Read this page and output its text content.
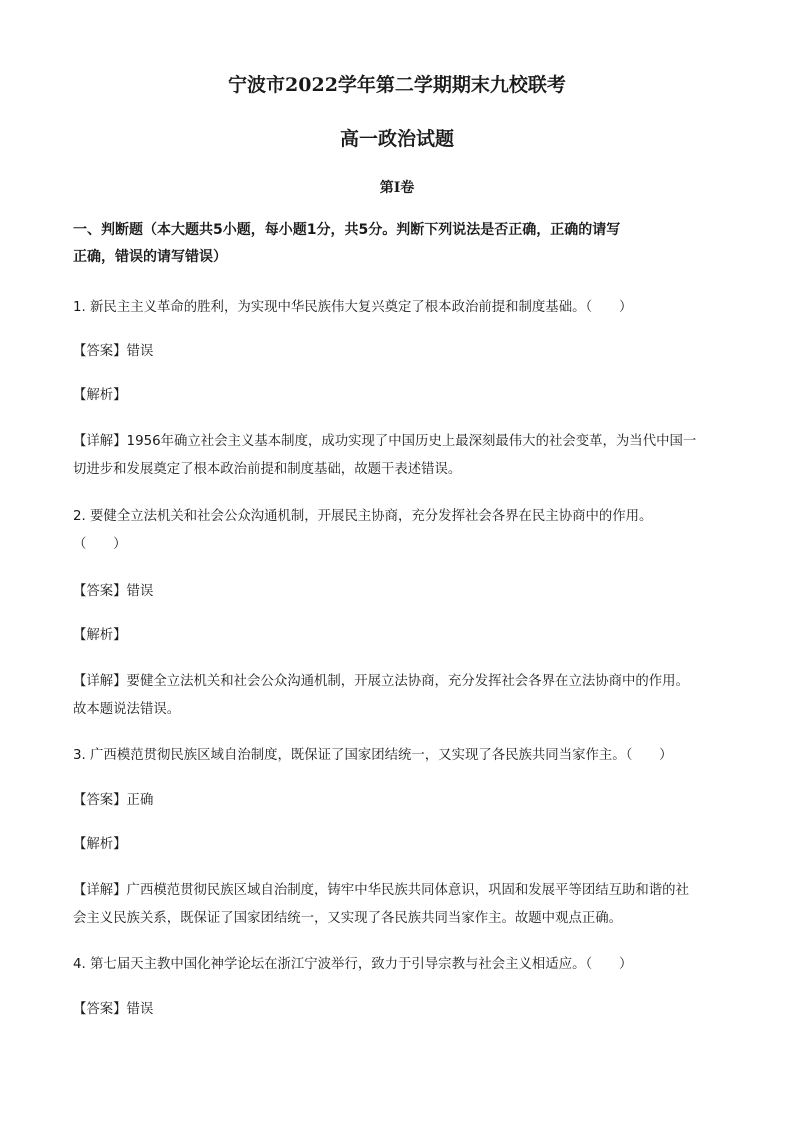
宁波市2022学年第二学期期末九校联考
高一政治试题
第I卷
一、判断题（本大题共5小题，每小题1分，共5分。判断下列说法是否正确，正确的请写
正确，错误的请写错误）
1. 新民主主义革命的胜利，为实现中华民族伟大复兴奠定了根本政治前提和制度基础。（　　）
【答案】错误
【解析】
【详解】1956年确立社会主义基本制度，成功实现了中国历史上最深刻最伟大的社会变革，为当代中国一
切进步和发展奠定了根本政治前提和制度基础，故题干表述错误。
2. 要健全立法机关和社会公众沟通机制，开展民主协商，充分发挥社会各界在民主协商中的作用。
（　　）
【答案】错误
【解析】
【详解】要健全立法机关和社会公众沟通机制，开展立法协商，充分发挥社会各界在立法协商中的作用。
故本题说法错误。
3. 广西模范贯彻民族区域自治制度，既保证了国家团结统一，又实现了各民族共同当家作主。（　　）
【答案】正确
【解析】
【详解】广西模范贯彻民族区域自治制度，铸牢中华民族共同体意识，巩固和发展平等团结互助和谐的社
会主义民族关系，既保证了国家团结统一，又实现了各民族共同当家作主。故题中观点正确。
4. 第七届天主教中国化神学论坛在浙江宁波举行，致力于引导宗教与社会主义相适应。（　　）
【答案】错误
